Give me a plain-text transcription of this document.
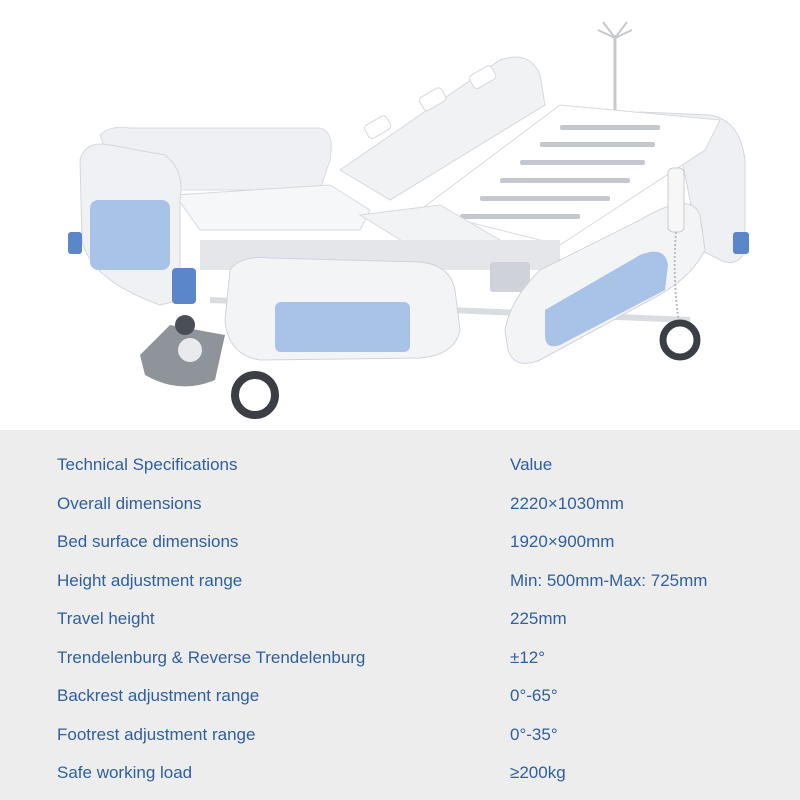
Technical Specifications	Value
Overall dimensions	2220×1030mm
Bed surface dimensions	1920×900mm
Height adjustment range	Min: 500mm-Max: 725mm
Travel height	225mm
Trendelenburg & Reverse Trendelenburg	±12°
Backrest adjustment range	0°-65°
Footrest adjustment range	0°-35°
Safe working load	≥200kg
